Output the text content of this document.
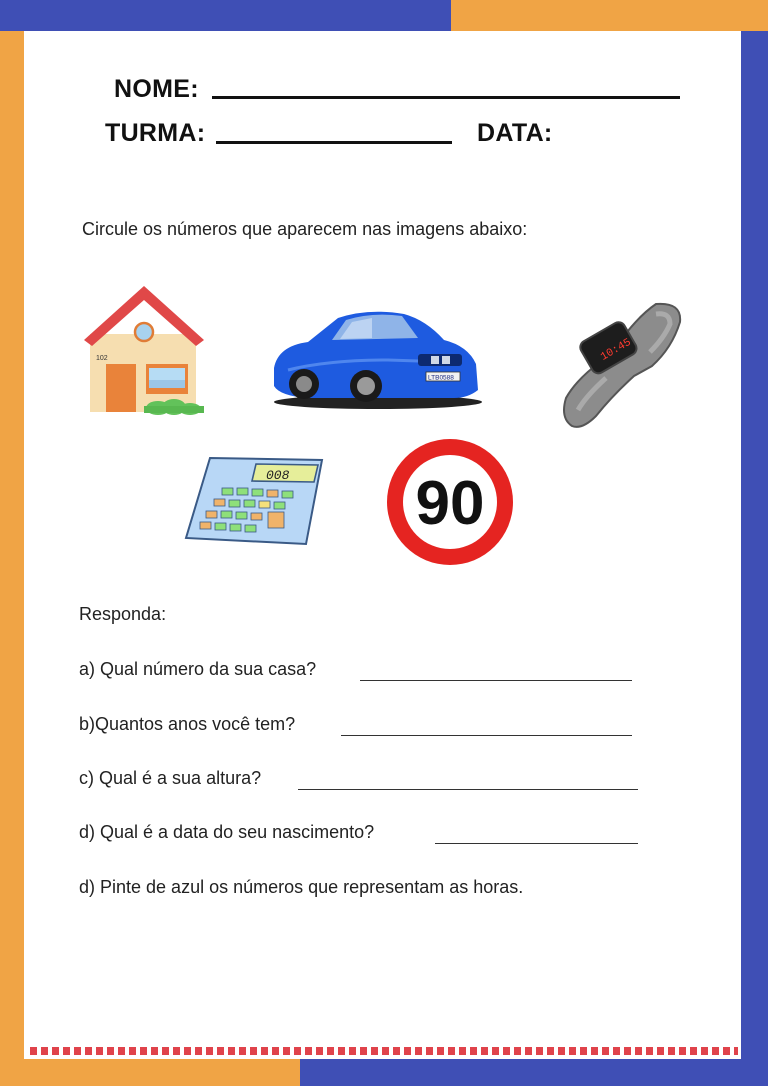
NOME:
TURMA:	DATA:
Circule os números que aparecem nas imagens abaixo:
102
LTB0588
10:45
008 90
Responda:
a) Qual número da sua casa?
b)Quantos anos você tem?
c) Qual é a sua altura?
d) Qual é a data do seu nascimento?
d) Pinte de azul os números que representam as horas.
